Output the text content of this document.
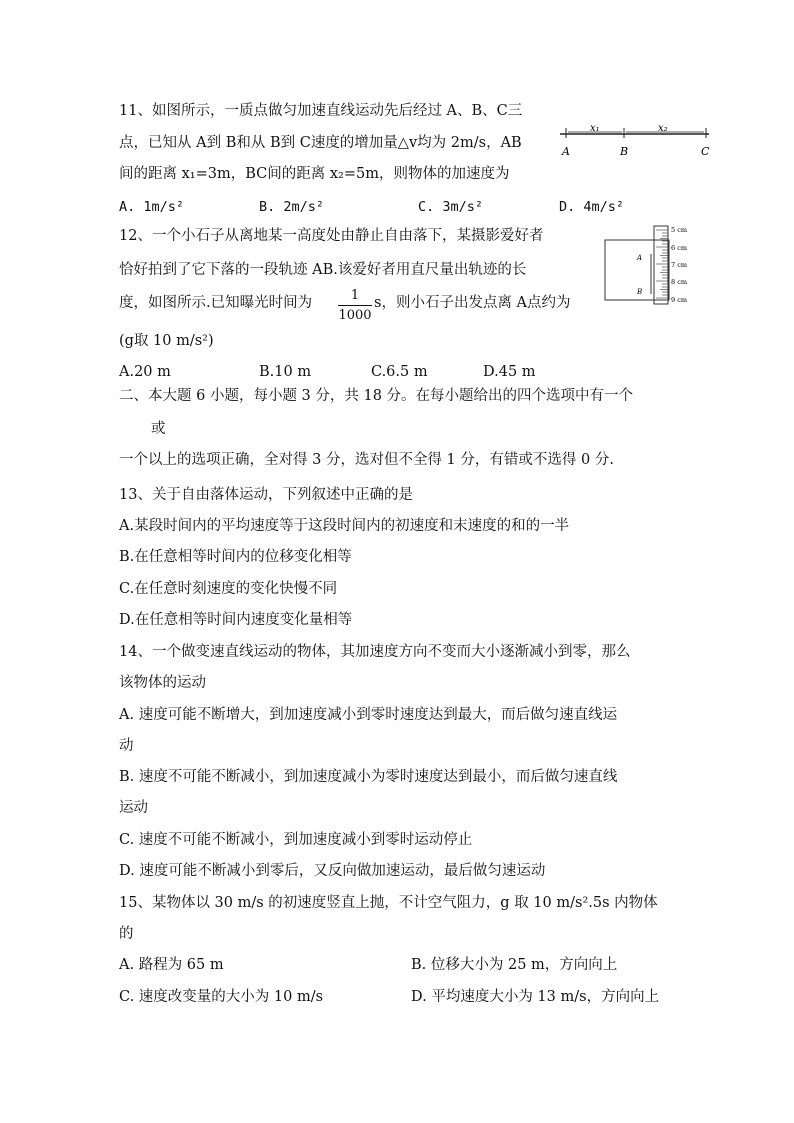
11、如图所示，一质点做匀加速直线运动先后经过 A、B、C三
点，已知从 A到 B和从 B到 C速度的增加量△v均为 2m/s，AB
间的距离 x₁=3m，BC间的距离 x₂=5m，则物体的加速度为
A. 1m/s²	B. 2m/s²	C. 3m/s²	D. 4m/s²
x₁	x₂
A	B	C
12、一个小石子从离地某一高度处由静止自由落下，某摄影爱好者
恰好拍到了它下落的一段轨迹 AB.该爱好者用直尺量出轨迹的长
度，如图所示.已知曝光时间为	1
1000
s，则小石子出发点离 A点约为
(g取 10 m/s²)
A.20 m	B.10 m	C.6.5 m	D.45 m
A
B
5 cm
6 cm
7 cm
8 cm
9 cm
二、本大题 6 小题，每小题 3 分，共 18 分。在每小题给出的四个选项中有一个
或
一个以上的选项正确，全对得 3 分，选对但不全得 1 分，有错或不选得 0 分.
13、关于自由落体运动，下列叙述中正确的是
A.某段时间内的平均速度等于这段时间内的初速度和末速度的和的一半
B.在任意相等时间内的位移变化相等
C.在任意时刻速度的变化快慢不同
D.在任意相等时间内速度变化量相等
14、一个做变速直线运动的物体，其加速度方向不变而大小逐渐减小到零，那么
该物体的运动
A. 速度可能不断增大，到加速度减小到零时速度达到最大，而后做匀速直线运
动
B. 速度不可能不断减小，到加速度减小为零时速度达到最小，而后做匀速直线
运动
C. 速度不可能不断减小，到加速度减小到零时运动停止
D. 速度可能不断减小到零后，又反向做加速运动，最后做匀速运动
15、某物体以 30 m/s 的初速度竖直上抛，不计空气阻力，g 取 10 m/s².5s 内物体
的
A. 路程为 65 m	B. 位移大小为 25 m，方向向上
C. 速度改变量的大小为 10 m/s	D. 平均速度大小为 13 m/s，方向向上
